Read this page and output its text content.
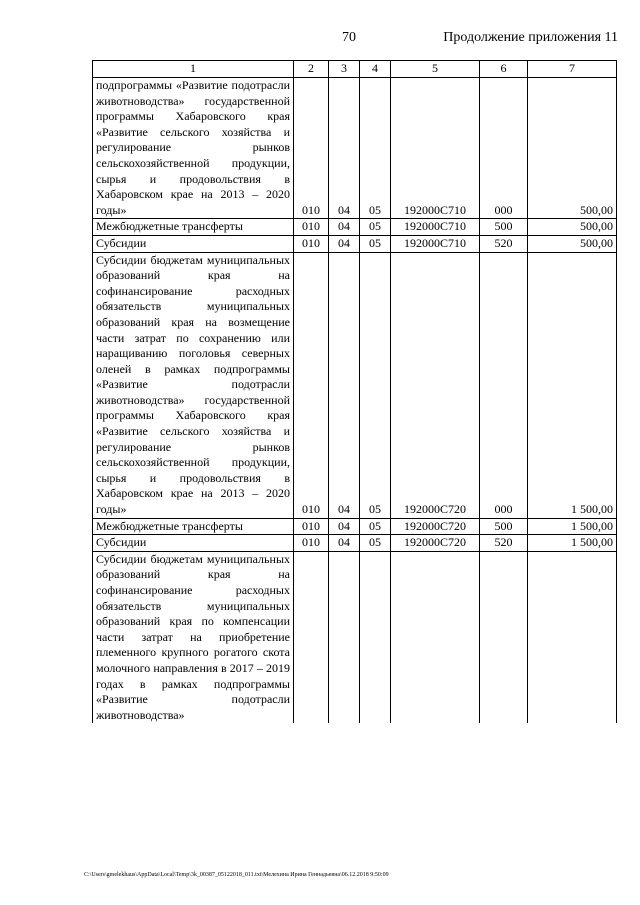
70	Продолжение приложения 11
1	2	3	4	5	6	7
подпрограммы «Развитие подотрасли животноводства» государственной программы Хабаровского края «Развитие сельского хозяйства и регулирование рынков сельскохозяйственной продукции, сырья и продовольствия в Хабаровском крае на 2013 – 2020 годы»	010	04	05	192000С710	000	500,00
Межбюджетные трансферты	010	04	05	192000С710	500	500,00
Субсидии	010	04	05	192000С710	520	500,00
Субсидии бюджетам муниципальных образований края на софинансирование расходных обязательств муниципальных образований края на возмещение части затрат по сохранению или наращиванию поголовья северных оленей в рамках подпрограммы «Развитие подотрасли животноводства» государственной программы Хабаровского края «Развитие сельского хозяйства и регулирование рынков сельскохозяйственной продукции, сырья и продовольствия в Хабаровском крае на 2013 – 2020 годы»	010	04	05	192000С720	000	1 500,00
Межбюджетные трансферты	010	04	05	192000С720	500	1 500,00
Субсидии	010	04	05	192000С720	520	1 500,00
Субсидии бюджетам муниципальных образований края на софинансирование расходных обязательств муниципальных образований края по компенсации части затрат на приобретение племенного крупного рогатого скота молочного направления в 2017 – 2019 годах в рамках подпрограммы «Развитие подотрасли животноводства»						
C:\Users\gmelekhaus\AppData\Local\Temp\3k_00387_05122018_011.txt\Мелехина Ирина Геннадьевна\06.12.2018 9:50:09
